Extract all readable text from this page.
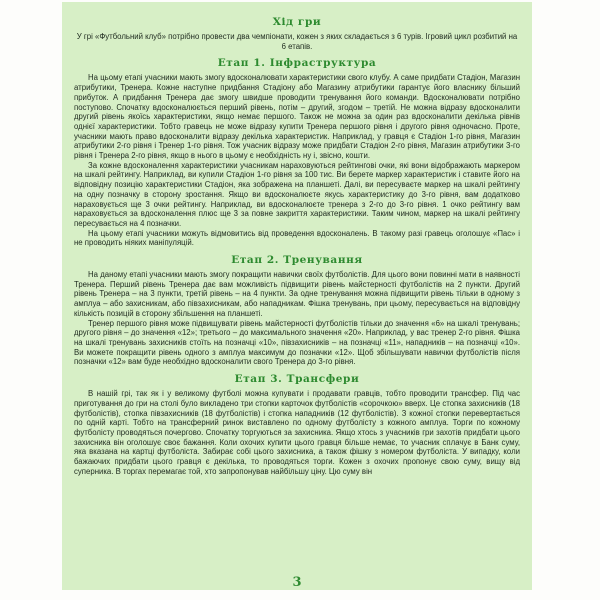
Хід гри

У грі «Футбольний клуб» потрібно провести два чемпіонати, кожен з яких складається з 6 турів. Ігровий цикл розбитий на 6 етапів.

Етап 1. Інфраструктура

На цьому етапі учасники мають змогу вдосконалювати характеристики свого клубу. А саме придбати Стадіон, Магазин атрибутики, Тренера. Кожне наступне придбання Стадіону або Магазину атрибутики гарантує його власнику більший прибуток. А придбання Тренера дає змогу швидше проводити тренування його команди. Вдосконалювати потрібно поступово. Спочатку вдосконалюється перший рівень, потім – другий, згодом – третій. Не можна відразу вдосконалити другий рівень якоїсь характеристики, якщо немає першого. Також не можна за один раз вдосконалити декілька рівнів однієї характеристики. Тобто гравець не може відразу купити Тренера першого рівня і другого рівня одночасно. Проте, учасники мають право вдосконалити відразу декілька характеристик. Наприклад, у гравця є Стадіон 1-го рівня, Магазин атрибутики 2-го рівня і Тренер 1-го рівня. Тож учасник відразу може придбати Стадіон 2-го рівня, Магазин атрибутики 3-го рівня і Тренера 2-го рівня, якщо в нього в цьому є необхідність ну і, звісно, кошти.

За кожне вдосконалення характеристики учасникам нараховуються рейтингові очки, які вони відображають маркером на шкалі рейтингу. Наприклад, ви купили Стадіон 1-го рівня за 100 тис. Ви берете маркер характеристик і ставите його на відповідну позицію характеристики Стадіон, яка зображена на планшеті. Далі, ви пересуваєте маркер на шкалі рейтингу на одну позначку в сторону зростання. Якщо ви вдосконалюєте якусь характеристику до 3-го рівня, вам додатково нараховується ще 3 очки рейтингу. Наприклад, ви вдосконалюєте тренера з 2-го до 3-го рівня. 1 очко рейтингу вам нараховується за вдосконалення плюс ще 3 за повне закриття характеристики. Таким чином, маркер на шкалі рейтингу пересувається на 4 позначки.

На цьому етапі учасники можуть відмовитись від проведення вдосконалень. В такому разі гравець оголошує «Пас» і не проводить ніяких маніпуляцій.

Етап 2. Тренування

На даному етапі учасники мають змогу покращити навички своїх футболістів. Для цього вони повинні мати в наявності Тренера. Перший рівень Тренера дає вам можливість підвищити рівень майстерності футболістів на 2 пункти. Другий рівень Тренера – на 3 пункти, третій рівень – на 4 пункти. За одне тренування можна підвищити рівень тільки в одному з амплуа – або захисникам, або півзахисникам, або нападникам. Фішка тренувань, при цьому, пересувається на відповідну кількість позицій в сторону збільшення на планшеті.

Тренер першого рівня може підвищувати рівень майстерності футболістів тільки до значення «6» на шкалі тренувань; другого рівня – до значення «12»; третього – до максимального значення «20». Наприклад, у вас тренер 2-го рівня. Фішка на шкалі тренувань захисників стоїть на позначці «10», півзахисників – на позначці «11», нападників – на позначці «10». Ви можете покращити рівень одного з амплуа максимум до позначки «12». Щоб збільшувати навички футболістів після позначки «12» вам буде необхідно вдосконалити свого Тренера до 3-го рівня.

Етап 3. Трансфери

В нашій грі, так як і у великому футболі можна купувати і продавати гравців, тобто проводити трансфер. Під час приготування до гри на столі було викладено три стопки карточок футболістів «сорочкою» вверх. Це стопка захисників (18 футболістів), стопка півзахисників (18 футболістів) і стопка нападників (12 футболістів). З кожної стопки перевертається по одній карті. Тобто на трансферний ринок виставлено по одному футболісту з кожного амплуа. Торги по кожному футболісту проводяться почергово. Спочатку торгуються за захисника. Якщо хтось з учасників гри захотів придбати цього захисника він оголошує своє бажання. Коли охочих купити цього гравця більше немає, то учасник сплачує в Банк суму, яка вказана на картці футболіста. Забирає собі цього захисника, а також фішку з номером футболіста. У випадку, коли бажаючих придбати цього гравця є декілька, то проводяться торги. Кожен з охочих пропонує свою суму, вищу від суперника. В торгах перемагає той, хто запропонував найбільшу ціну. Цю суму він

3
